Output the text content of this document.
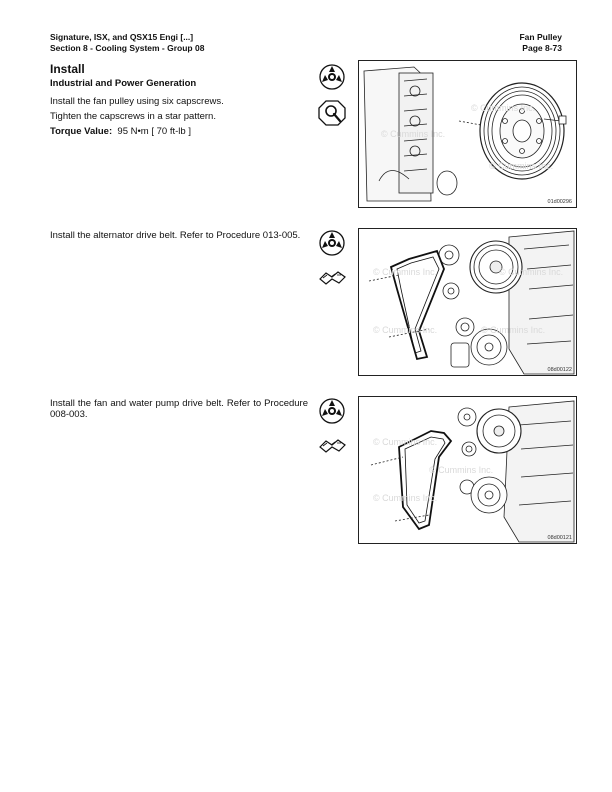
Signature, ISX, and QSX15 Engi [...]
Section 8 - Cooling System - Group 08
Fan Pulley
Page 8-73
Install
Industrial and Power Generation
Install the fan pulley using six capscrews.
Tighten the capscrews in a star pattern.
Torque Value: 95 N•m [ 70 ft-lb ]
Install the alternator drive belt. Refer to Procedure 013-005.
Install the fan and water pump drive belt. Refer to Procedure 008-003.
© Cummins Inc.
© Cummins Inc.
© Cummins Inc.
01d00296
© Cummins Inc.	© Cummins Inc.
© Cummins Inc.	© Cummins Inc.
08d00122
© Cummins Inc.
© Cummins Inc.
© Cummins Inc.
08d00121
